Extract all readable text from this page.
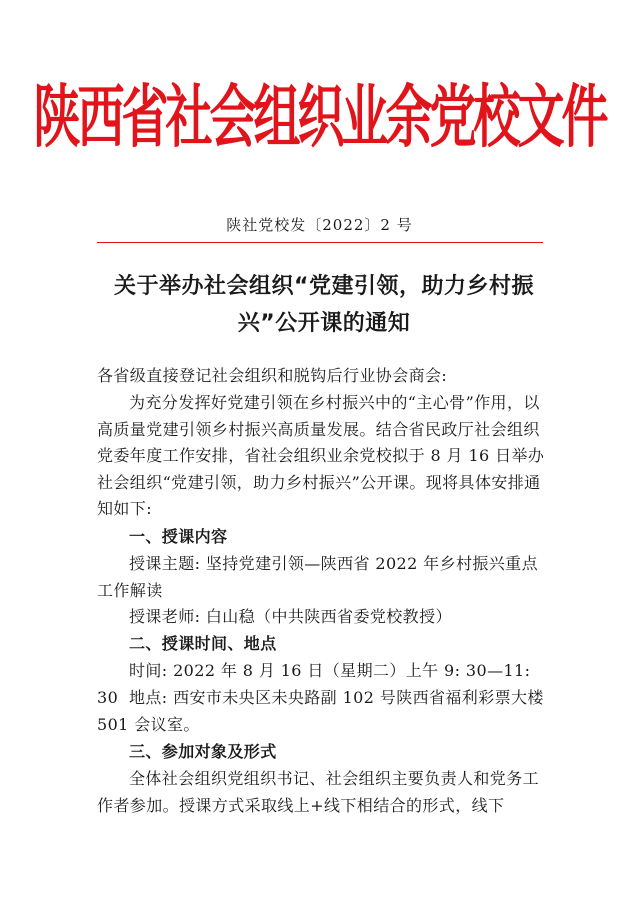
陕西省社会组织业余党校文件
陕社党校发〔2022〕2 号
关于举办社会组织“党建引领，助力乡村振兴”公开课的通知

各省级直接登记社会组织和脱钩后行业协会商会:

为充分发挥好党建引领在乡村振兴中的“主心骨”作用，以高质量党建引领乡村振兴高质量发展。结合省民政厅社会组织党委年度工作安排，省社会组织业余党校拟于 8 月 16 日举办社会组织“党建引领，助力乡村振兴”公开课。现将具体安排通知如下:

一、授课内容

授课主题: 坚持党建引领—陕西省 2022 年乡村振兴重点工作解读

授课老师: 白山稳（中共陕西省委党校教授）

二、授课时间、地点

时间: 2022 年 8 月 16 日（星期二）上午 9: 30—11: 30 地点: 西安市未央区未央路副 102 号陕西省福利彩票大楼 501 会议室。

三、参加对象及形式

全体社会组织党组织书记、社会组织主要负责人和党务工作者参加。授课方式采取线上+线下相结合的形式，线下
